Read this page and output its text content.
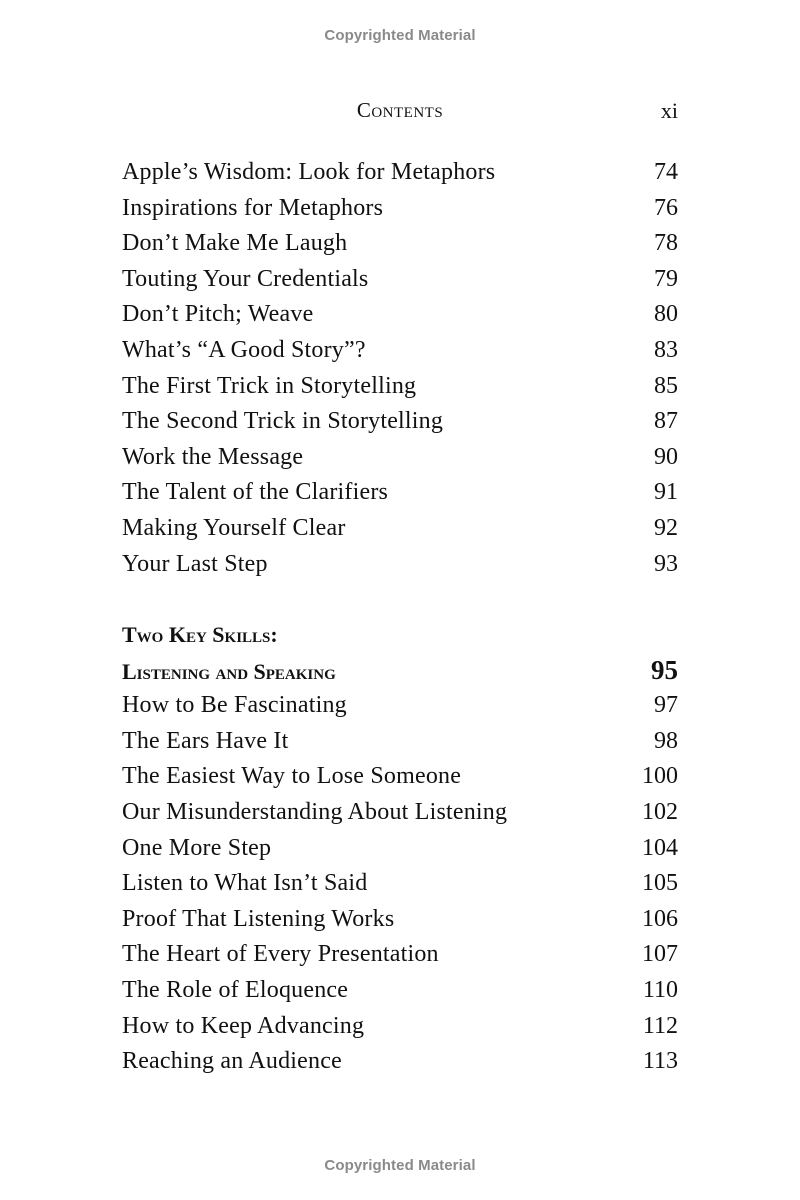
Copyrighted Material
Contents	xi
Apple’s Wisdom: Look for Metaphors	74
Inspirations for Metaphors	76
Don’t Make Me Laugh	78
Touting Your Credentials	79
Don’t Pitch; Weave	80
What’s “A Good Story”?	83
The First Trick in Storytelling	85
The Second Trick in Storytelling	87
Work the Message	90
The Talent of the Clarifiers	91
Making Yourself Clear	92
Your Last Step	93
Two Key Skills:
Listening and Speaking	95
How to Be Fascinating	97
The Ears Have It	98
The Easiest Way to Lose Someone	100
Our Misunderstanding About Listening	102
One More Step	104
Listen to What Isn’t Said	105
Proof That Listening Works	106
The Heart of Every Presentation	107
The Role of Eloquence	110
How to Keep Advancing	112
Reaching an Audience	113
Copyrighted Material
